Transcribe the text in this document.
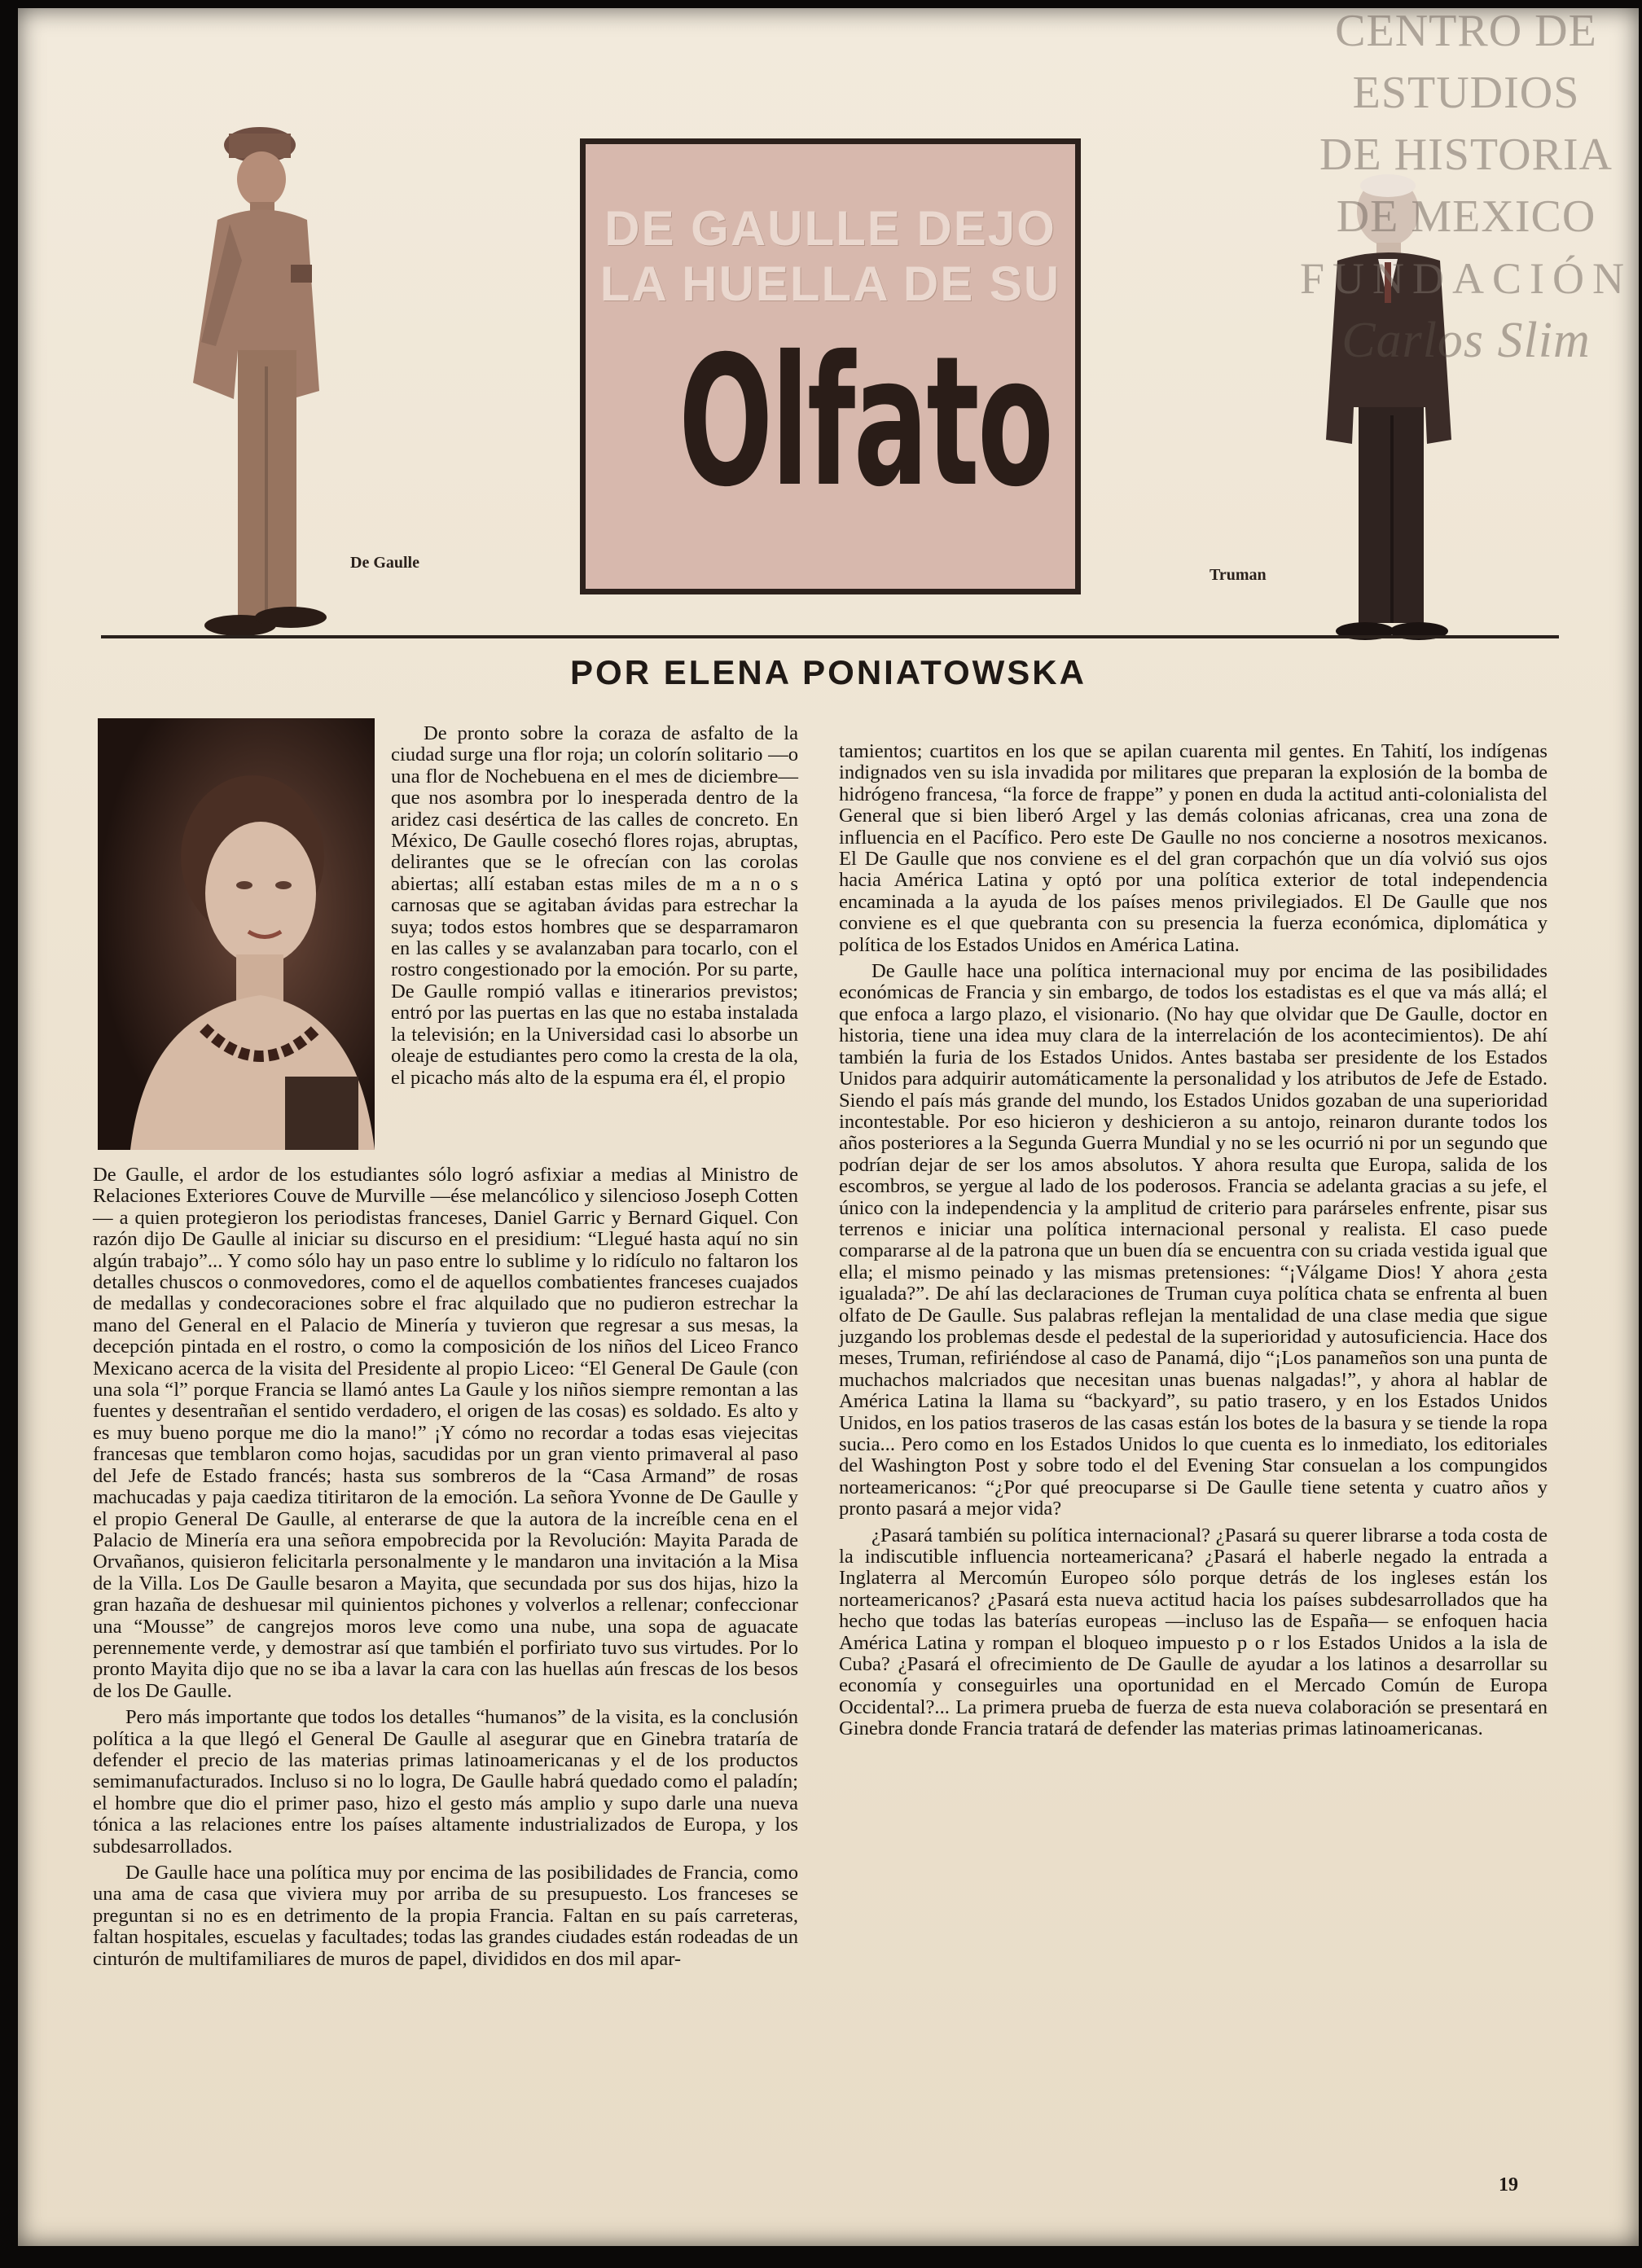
De Gaulle
DE GAULLE DEJO
LA HUELLA DE SU
Olfato
Truman
POR ELENA PONIATOWSKA

De pronto sobre la coraza de asfalto de la ciudad surge una flor roja; un colorín solitario —o una flor de Nochebuena en el mes de diciembre— que nos asombra por lo inesperada dentro de la aridez casi desértica de las calles de concreto. En México, De Gaulle cosechó flores rojas, abruptas, delirantes que se le ofrecían con las corolas abiertas; allí estaban estas miles de m a n o s carnosas que se agitaban ávidas para estrechar la suya; todos estos hombres que se desparramaron en las calles y se avalanzaban para tocarlo, con el rostro congestionado por la emoción. Por su parte, De Gaulle rompió vallas e itinerarios previstos; entró por las puertas en las que no estaba instalada la televisión; en la Universidad casi lo absorbe un oleaje de estudiantes pero como la cresta de la ola, el picacho más alto de la espuma era él, el propio

De Gaulle, el ardor de los estudiantes sólo logró asfixiar a medias al Ministro de Relaciones Exteriores Couve de Murville —ése melancólico y silencioso Joseph Cotten— a quien protegieron los periodistas franceses, Daniel Garric y Bernard Giquel. Con razón dijo De Gaulle al iniciar su discurso en el presidium: “Llegué hasta aquí no sin algún trabajo”... Y como sólo hay un paso entre lo sublime y lo ridículo no faltaron los detalles chuscos o conmovedores, como el de aquellos combatientes franceses cuajados de medallas y condecoraciones sobre el frac alquilado que no pudieron estrechar la mano del General en el Palacio de Minería y tuvieron que regresar a sus mesas, la decepción pintada en el rostro, o como la composición de los niños del Liceo Franco Mexicano acerca de la visita del Presidente al propio Liceo: “El General De Gaule (con una sola “l” porque Francia se llamó antes La Gaule y los niños siempre remontan a las fuentes y desentrañan el sentido verdadero, el origen de las cosas) es soldado. Es alto y es muy bueno porque me dio la mano!” ¡Y cómo no recordar a todas esas viejecitas francesas que temblaron como hojas, sacudidas por un gran viento primaveral al paso del Jefe de Estado francés; hasta sus sombreros de la “Casa Armand” de rosas machucadas y paja caediza titiritaron de la emoción. La señora Yvonne de De Gaulle y el propio General De Gaulle, al enterarse de que la autora de la increíble cena en el Palacio de Minería era una señora empobrecida por la Revolución: Mayita Parada de Orvañanos, quisieron felicitarla personalmente y le mandaron una invitación a la Misa de la Villa. Los De Gaulle besaron a Mayita, que secundada por sus dos hijas, hizo la gran hazaña de deshuesar mil quinientos pichones y volverlos a rellenar; confeccionar una “Mousse” de cangrejos moros leve como una nube, una sopa de aguacate perennemente verde, y demostrar así que también el porfiriato tuvo sus virtudes. Por lo pronto Mayita dijo que no se iba a lavar la cara con las huellas aún frescas de los besos de los De Gaulle.

Pero más importante que todos los detalles “humanos” de la visita, es la conclusión política a la que llegó el General De Gaulle al asegurar que en Ginebra trataría de defender el precio de las materias primas latinoamericanas y el de los productos semimanufacturados. Incluso si no lo logra, De Gaulle habrá quedado como el paladín; el hombre que dio el primer paso, hizo el gesto más amplio y supo darle una nueva tónica a las relaciones entre los países altamente industrializados de Europa, y los subdesarrollados.

De Gaulle hace una política muy por encima de las posibilidades de Francia, como una ama de casa que viviera muy por arriba de su presupuesto. Los franceses se preguntan si no es en detrimento de la propia Francia. Faltan en su país carreteras, faltan hospitales, escuelas y facultades; todas las grandes ciudades están rodeadas de un cinturón de multifamiliares de muros de papel, divididos en dos mil apar-

tamientos; cuartitos en los que se apilan cuarenta mil gentes. En Tahití, los indígenas indignados ven su isla invadida por militares que preparan la explosión de la bomba de hidrógeno francesa, “la force de frappe” y ponen en duda la actitud anti-colonialista del General que si bien liberó Argel y las demás colonias africanas, crea una zona de influencia en el Pacífico. Pero este De Gaulle no nos concierne a nosotros mexicanos. El De Gaulle que nos conviene es el del gran corpachón que un día volvió sus ojos hacia América Latina y optó por una política exterior de total independencia encaminada a la ayuda de los países menos privilegiados. El De Gaulle que nos conviene es el que quebranta con su presencia la fuerza económica, diplomática y política de los Estados Unidos en América Latina.

De Gaulle hace una política internacional muy por encima de las posibilidades económicas de Francia y sin embargo, de todos los estadistas es el que va más allá; el que enfoca a largo plazo, el visionario. (No hay que olvidar que De Gaulle, doctor en historia, tiene una idea muy clara de la interrelación de los acontecimientos). De ahí también la furia de los Estados Unidos. Antes bastaba ser presidente de los Estados Unidos para adquirir automáticamente la personalidad y los atributos de Jefe de Estado. Siendo el país más grande del mundo, los Estados Unidos gozaban de una superioridad incontestable. Por eso hicieron y deshicieron a su antojo, reinaron durante todos los años posteriores a la Segunda Guerra Mundial y no se les ocurrió ni por un segundo que podrían dejar de ser los amos absolutos. Y ahora resulta que Europa, salida de los escombros, se yergue al lado de los poderosos. Francia se adelanta gracias a su jefe, el único con la independencia y la amplitud de criterio para parárseles enfrente, pisar sus terrenos e iniciar una política internacional personal y realista. El caso puede compararse al de la patrona que un buen día se encuentra con su criada vestida igual que ella; el mismo peinado y las mismas pretensiones: “¡Válgame Dios! Y ahora ¿esta igualada?”. De ahí las declaraciones de Truman cuya política chata se enfrenta al buen olfato de De Gaulle. Sus palabras reflejan la mentalidad de una clase media que sigue juzgando los problemas desde el pedestal de la superioridad y autosuficiencia. Hace dos meses, Truman, refiriéndose al caso de Panamá, dijo “¡Los panameños son una punta de muchachos malcriados que necesitan unas buenas nalgadas!”, y ahora al hablar de América Latina la llama su “backyard”, su patio trasero, y en los Estados Unidos Unidos, en los patios traseros de las casas están los botes de la basura y se tiende la ropa sucia... Pero como en los Estados Unidos lo que cuenta es lo inmediato, los editoriales del Washington Post y sobre todo el del Evening Star consuelan a los compungidos norteamericanos: “¿Por qué preocuparse si De Gaulle tiene setenta y cuatro años y pronto pasará a mejor vida?

¿Pasará también su política internacional? ¿Pasará su querer librarse a toda costa de la indiscutible influencia norteamericana? ¿Pasará el haberle negado la entrada a Inglaterra al Mercomún Europeo sólo porque detrás de los ingleses están los norteamericanos? ¿Pasará esta nueva actitud hacia los países subdesarrollados que ha hecho que todas las baterías europeas —incluso las de España— se enfoquen hacia América Latina y rompan el bloqueo impuesto p o r los Estados Unidos a la isla de Cuba? ¿Pasará el ofrecimiento de De Gaulle de ayudar a los latinos a desarrollar su economía y conseguirles una oportunidad en el Mercado Común de Europa Occidental?... La primera prueba de fuerza de esta nueva colaboración se presentará en Ginebra donde Francia tratará de defender las materias primas latinoamericanas.

19
CENTRO DE
ESTUDIOS
DE HISTORIA
DE MEXICO
FUNDACIÓN
Carlos Slim
